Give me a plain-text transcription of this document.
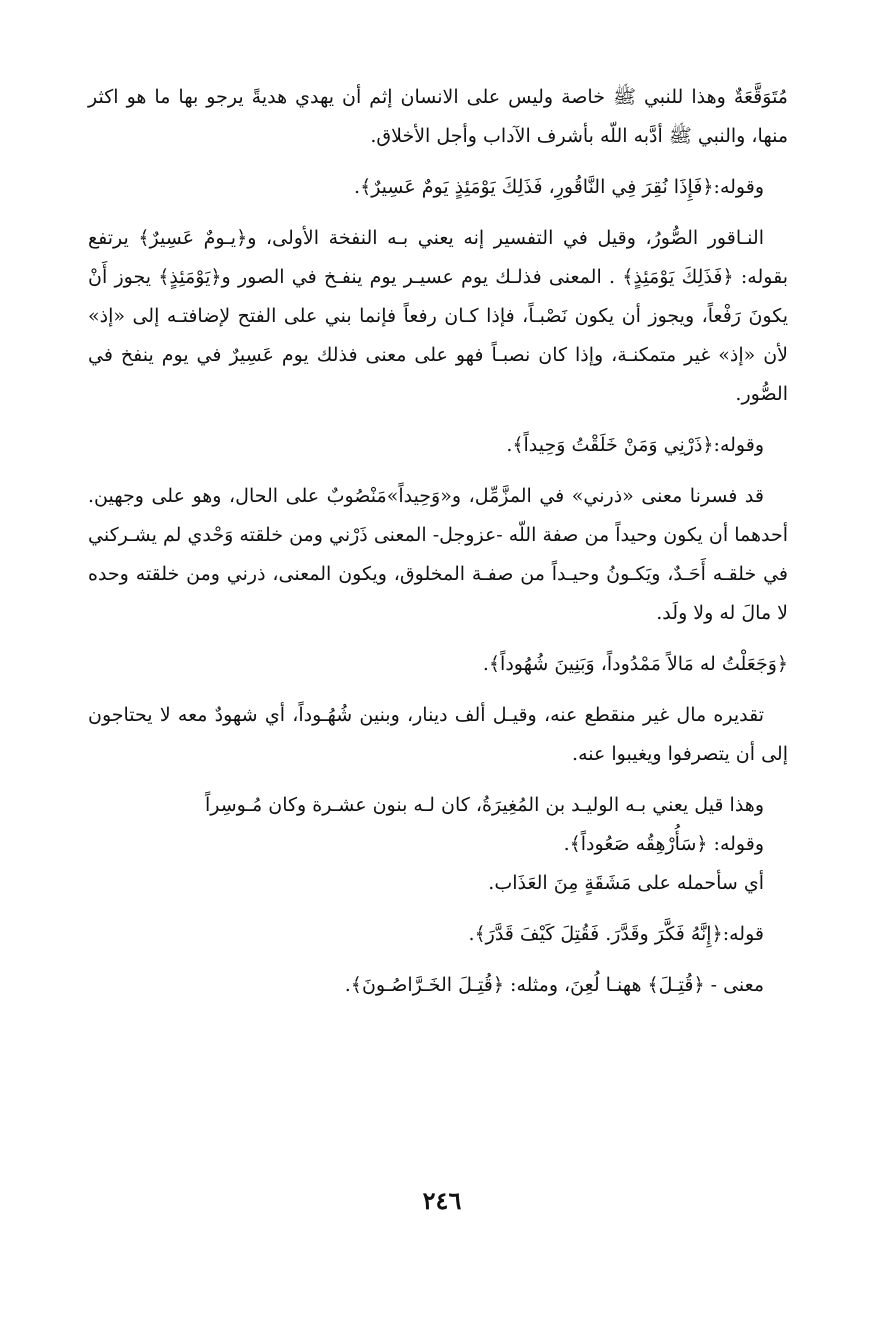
مُتَوَقَّعَةٌ وهذا للنبي ﷺ خاصة وليس على الانسان إثم أن يهدي هديةً يرجو بها ما هو اكثر منها، والنبي ﷺ أدَّبه اللّه بأشرف الآداب وأجل الأخلاق.

وقوله:﴿فَإِذَا نُقِرَ فِي النَّاقُورِ، فَذَلِكَ يَوْمَئِذٍ يَومٌ عَسِيرٌ﴾.

النـاقور الصُّورُ، وقيل في التفسير إنه يعني بـه النفخة الأولى، و﴿يـومٌ عَسِيرٌ﴾ يرتفع بقوله: ﴿فَذَلِكَ يَوْمَئِذٍ﴾ . المعنى فذلـك يوم عسيـر يوم ينفـخ في الصور و﴿يَوْمَئِذٍ﴾ يجوز أَنْ يكونَ رَفْعاً، ويجوز أن يكون نَصْبـاً، فإذا كـان رفعاً فإنما بني على الفتح لإضافتـه إلى «إذ» لأن «إذ» غير متمكنـة، وإذا كان نصبـاً فهو على معنى فذلك يوم عَسِيرٌ في يوم ينفخ في الصُّور.

وقوله:﴿ذَرْنِي وَمَنْ خَلَقْتُ وَحِيداً﴾.

قد فسرنا معنى «ذرني» في المزَّمِّل، و«وَحِيداً»مَنْصُوبٌ على الحال، وهو على وجهين. أحدهما أن يكون وحيداً من صفة اللّه -عزوجل- المعنى ذَرْني ومن خلقته وَحْدي لم يشـركني في خلقـه أَحَـدٌ، ويَكـونُ وحيـداً من صفـة المخلوق، ويكون المعنى، ذرني ومن خلقته وحده لا مالَ له ولا ولَد.

﴿وَجَعَلْتُ له مَالاً مَمْدُوداً، وَبَنِينَ شُهُوداً﴾.

تقديره مال غير منقطع عنه، وقيـل ألف دينار، وبنين شُهُـوداً، أي شهودٌ معه لا يحتاجون إلى أن يتصرفوا ويغيبوا عنه.

وهذا قيل يعني بـه الوليـد بن المُغِيرَةُ، كان لـه بنون عشـرة وكان مُـوسِراً

وقوله: ﴿سَأُرْهِقُه صَعُوداً﴾.

أي سأحمله على مَشَقَةٍ مِنَ العَذَاب.

قوله:﴿إِنَّهُ فَكَّرَ وقَدَّرَ. فَقُتِلَ كَيْفَ قَدَّرَ﴾.

معنى - ﴿قُتِـلَ﴾ ههنـا لُعِنَ، ومثله: ﴿قُتِـلَ الخَـرَّاصُـونَ﴾.

٢٤٦
